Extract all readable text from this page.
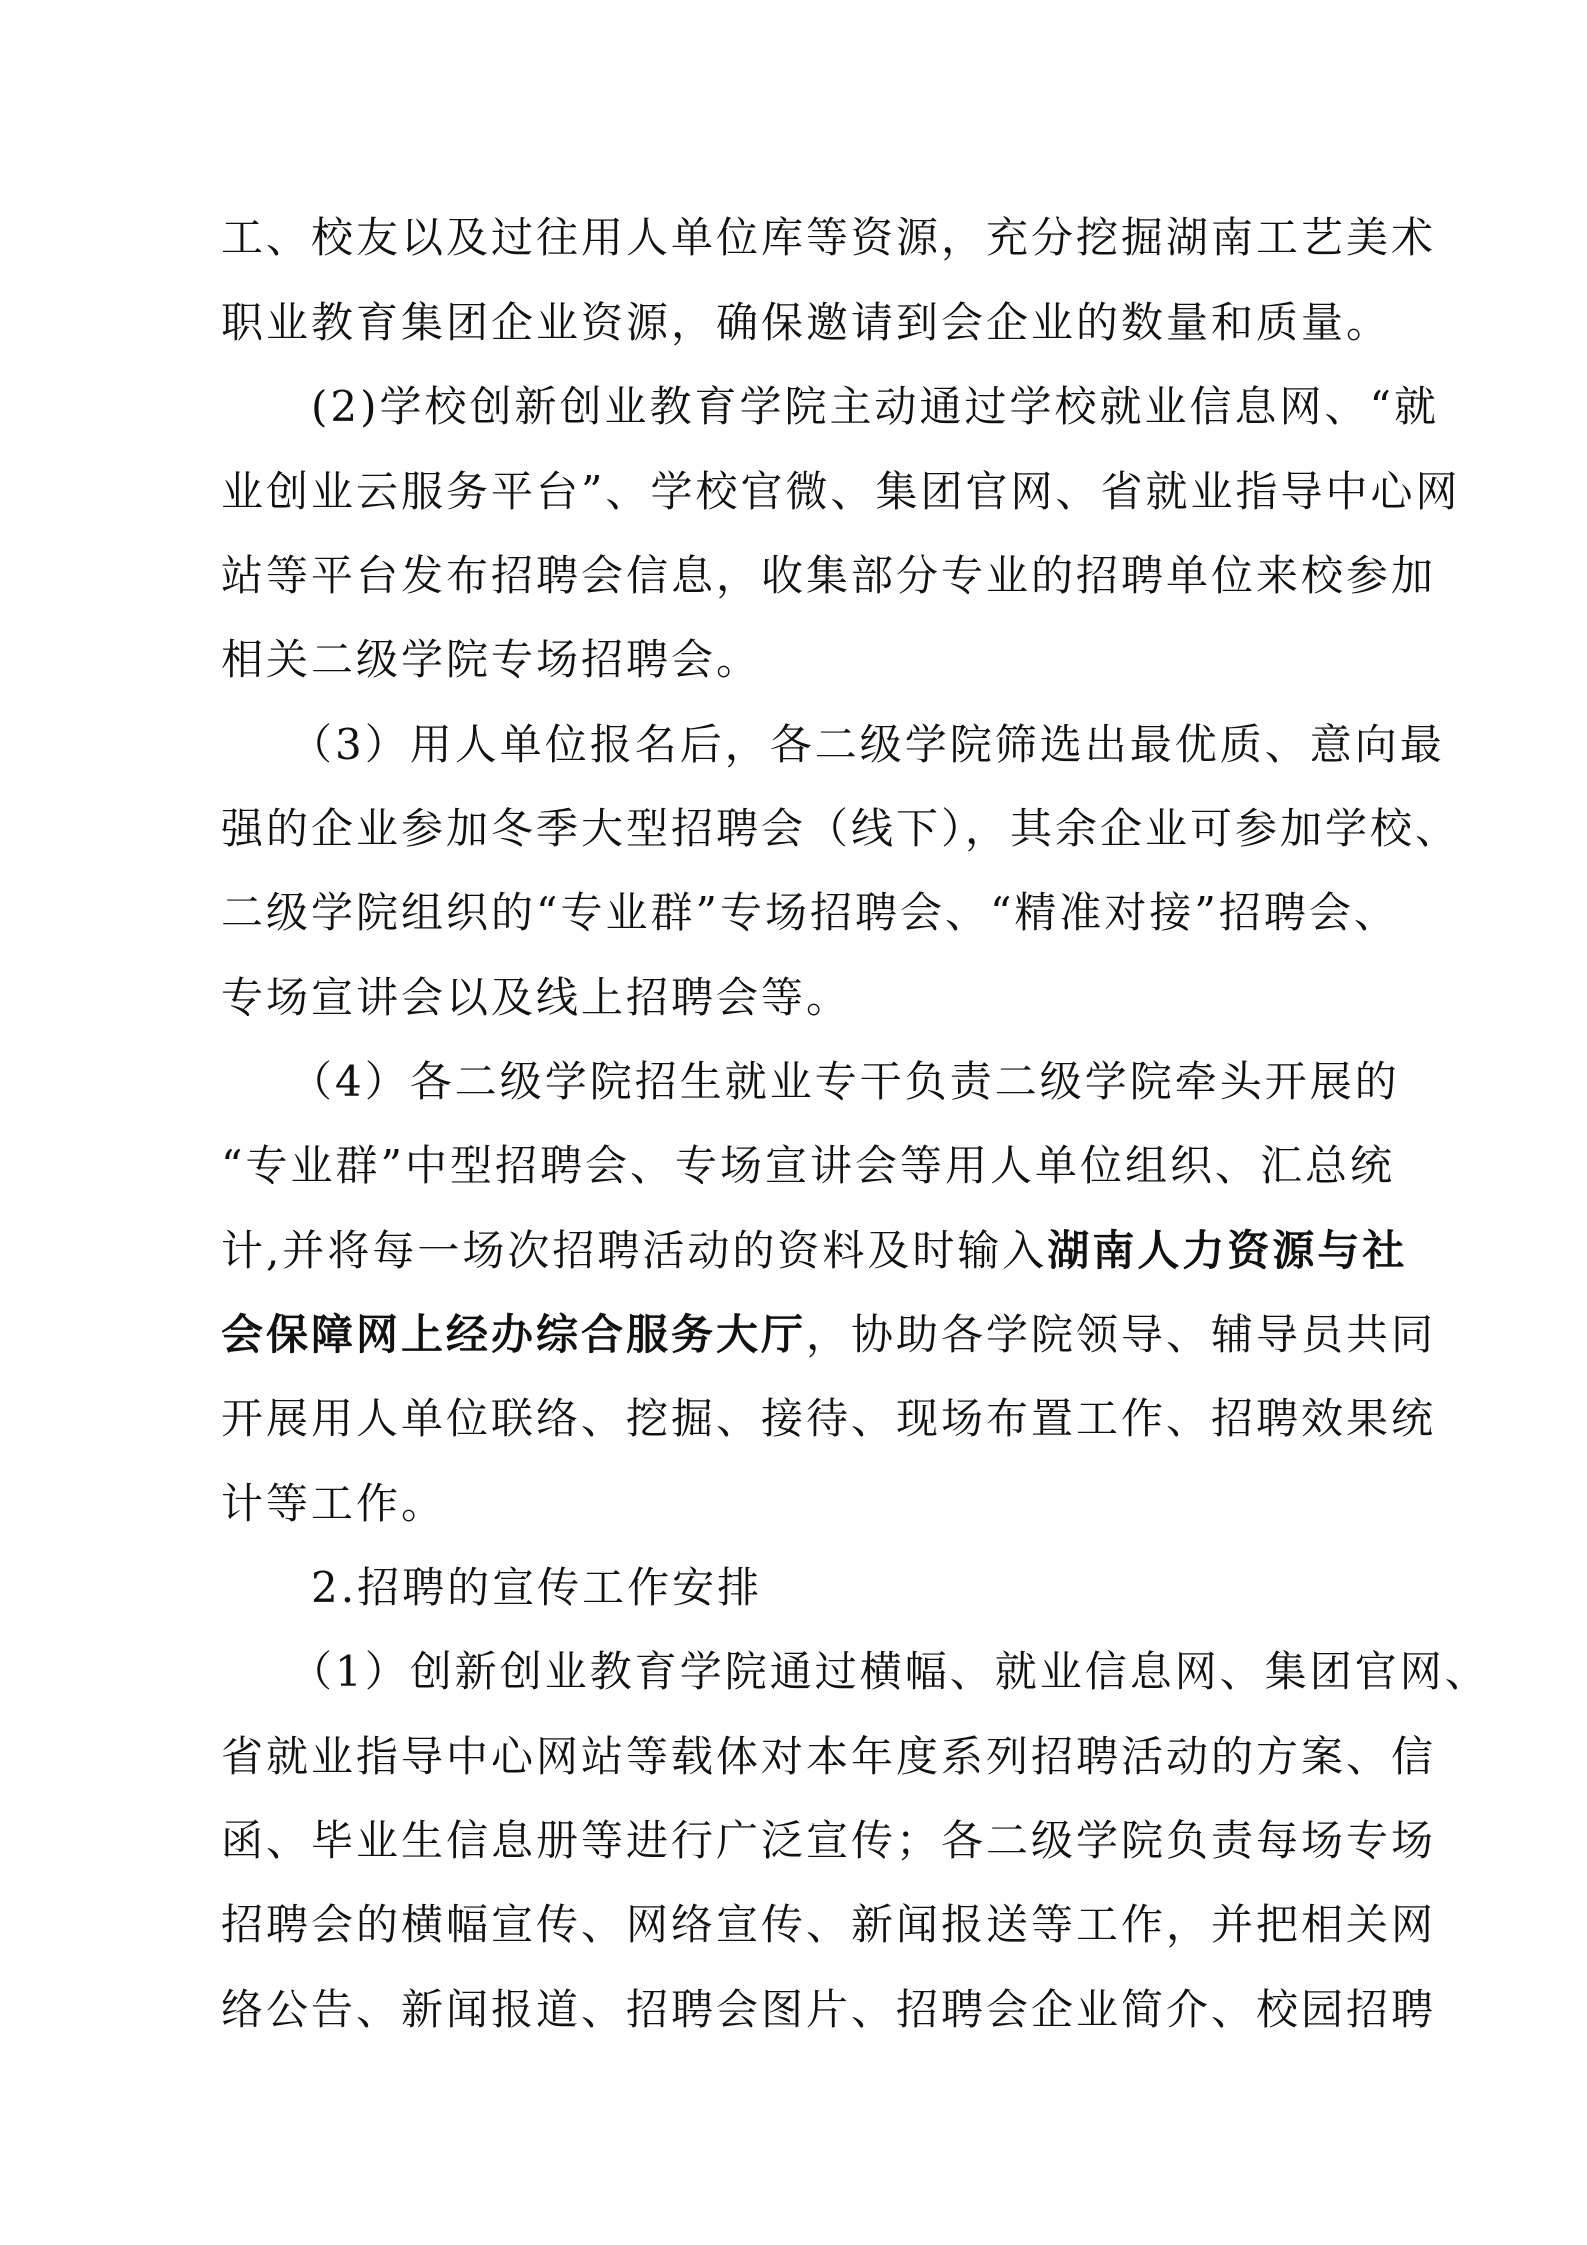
工、校友以及过往用人单位库等资源，充分挖掘湖南工艺美术
职业教育集团企业资源，确保邀请到会企业的数量和质量。
　　(2)学校创新创业教育学院主动通过学校就业信息网、“就
业创业云服务平台”、学校官微、集团官网、省就业指导中心网
站等平台发布招聘会信息，收集部分专业的招聘单位来校参加
相关二级学院专场招聘会。
　　（3）用人单位报名后，各二级学院筛选出最优质、意向最
强的企业参加冬季大型招聘会（线下），其余企业可参加学校、
二级学院组织的“专业群”专场招聘会、“精准对接”招聘会、
专场宣讲会以及线上招聘会等。
　　（4）各二级学院招生就业专干负责二级学院牵头开展的
“专业群”中型招聘会、专场宣讲会等用人单位组织、汇总统
计,并将每一场次招聘活动的资料及时输入湖南人力资源与社
会保障网上经办综合服务大厅，协助各学院领导、辅导员共同
开展用人单位联络、挖掘、接待、现场布置工作、招聘效果统
计等工作。
　　2.招聘的宣传工作安排
　　（1）创新创业教育学院通过横幅、就业信息网、集团官网、
省就业指导中心网站等载体对本年度系列招聘活动的方案、信
函、毕业生信息册等进行广泛宣传；各二级学院负责每场专场
招聘会的横幅宣传、网络宣传、新闻报送等工作，并把相关网
络公告、新闻报道、招聘会图片、招聘会企业简介、校园招聘
